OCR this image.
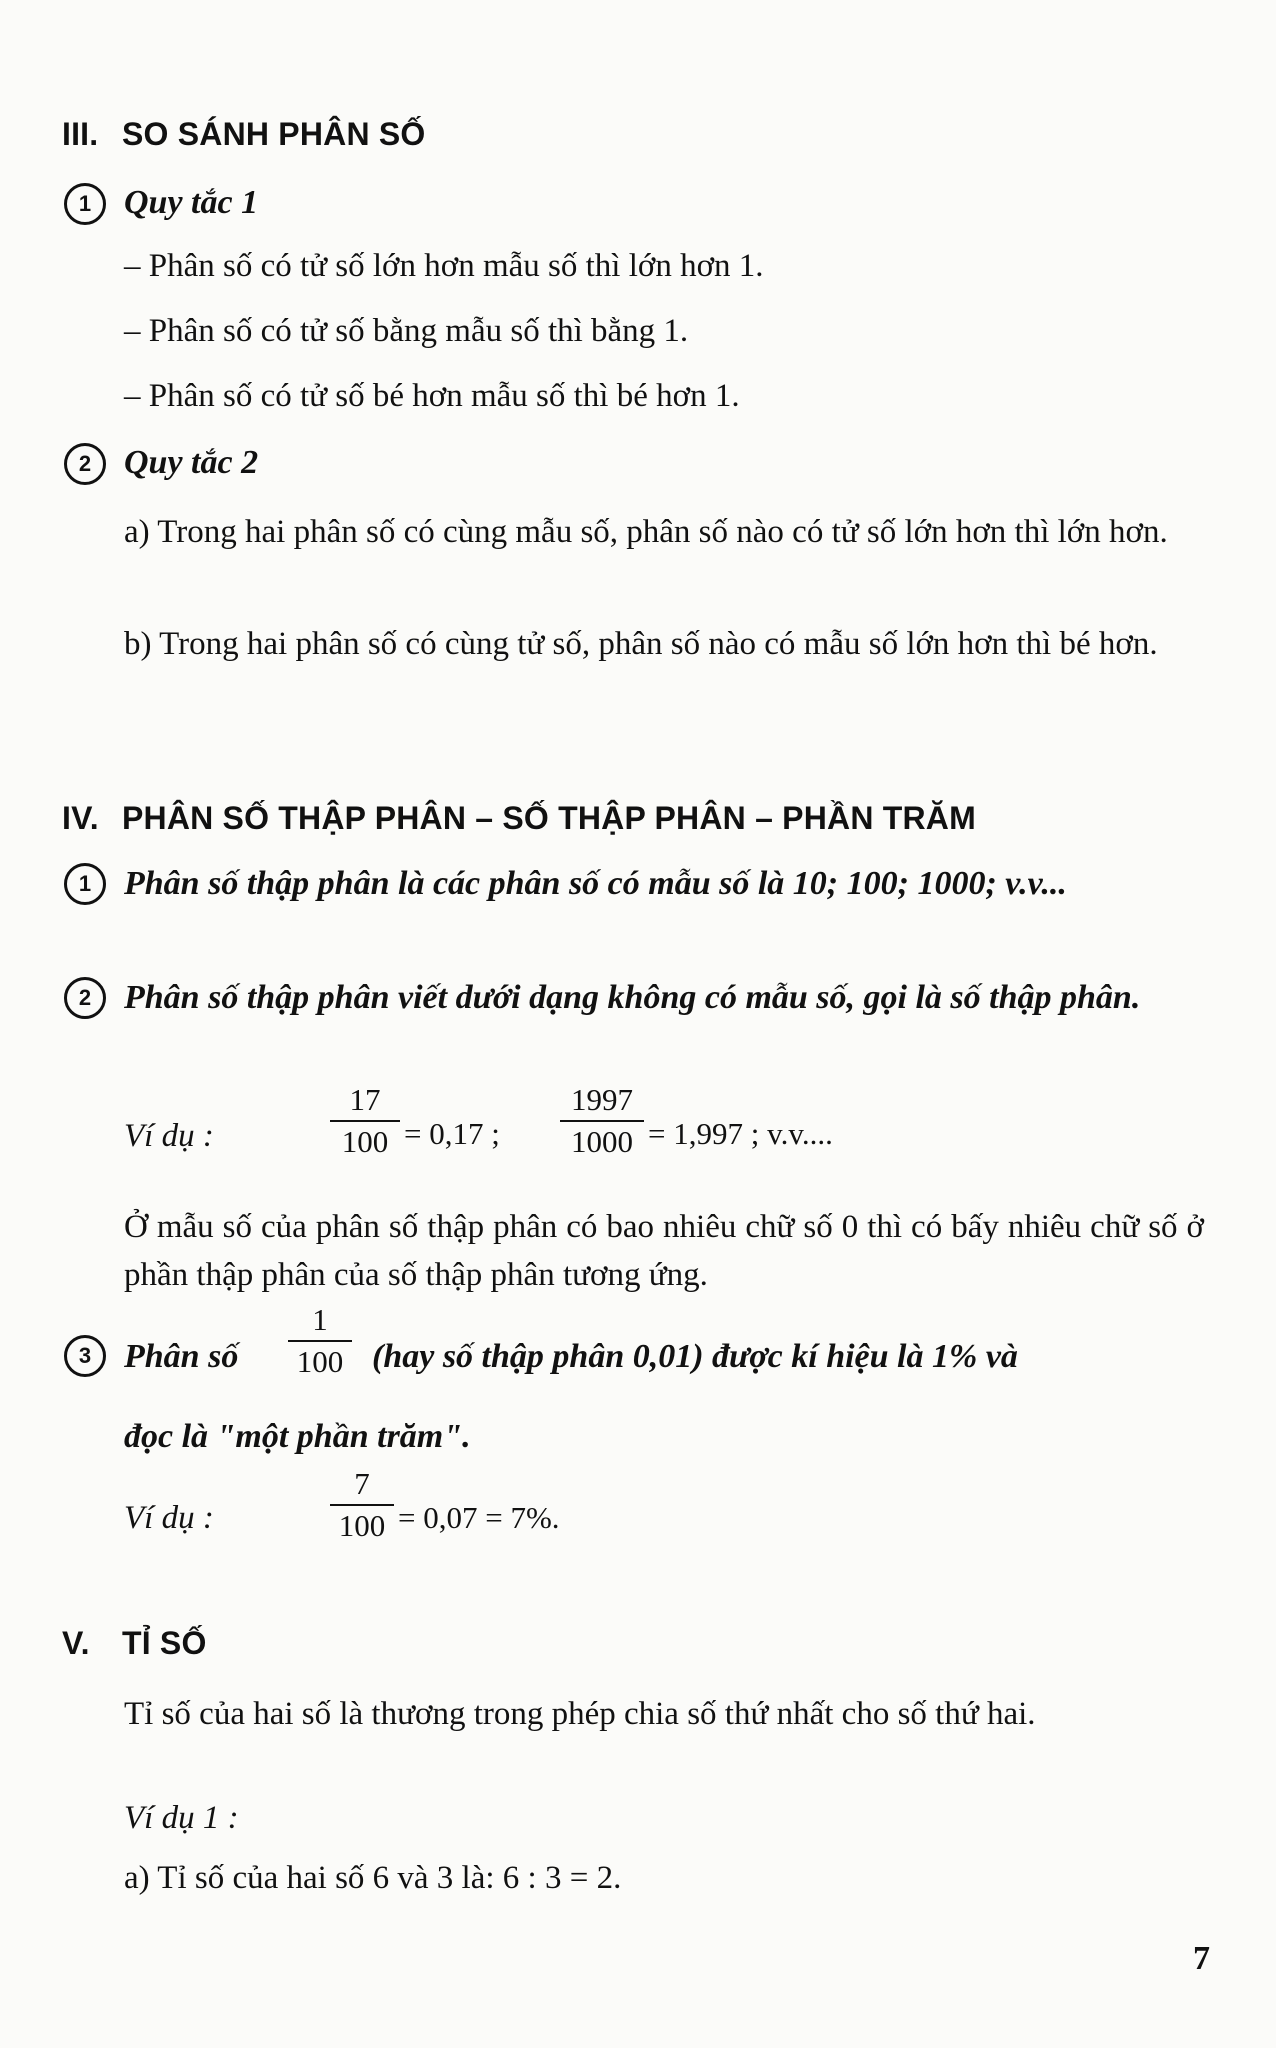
III. SO SÁNH PHÂN SỐ
1 Quy tắc 1
– Phân số có tử số lớn hơn mẫu số thì lớn hơn 1.
– Phân số có tử số bằng mẫu số thì bằng 1.
– Phân số có tử số bé hơn mẫu số thì bé hơn 1.
2 Quy tắc 2
a) Trong hai phân số có cùng mẫu số, phân số nào có tử số lớn hơn thì lớn hơn.
b) Trong hai phân số có cùng tử số, phân số nào có mẫu số lớn hơn thì bé hơn.
IV. PHÂN SỐ THẬP PHÂN – SỐ THẬP PHÂN – PHẦN TRĂM
1 Phân số thập phân là các phân số có mẫu số là 10; 100; 1000; v.v...
2 Phân số thập phân viết dưới dạng không có mẫu số, gọi là số thập phân.
Ví dụ :
17
100 = 0,17 ;
1997
1000 = 1,997 ; v.v....
Ở mẫu số của phân số thập phân có bao nhiêu chữ số 0 thì có bấy nhiêu chữ số ở phần thập phân của số thập phân tương ứng.
3 Phân số
1
100 (hay số thập phân 0,01) được kí hiệu là 1% và
đọc là "một phần trăm".
Ví dụ :
7
100 = 0,07 = 7%.
V. TỈ SỐ
Tỉ số của hai số là thương trong phép chia số thứ nhất cho số thứ hai.
Ví dụ 1 :
a) Tỉ số của hai số 6 và 3 là: 6 : 3 = 2.
7
